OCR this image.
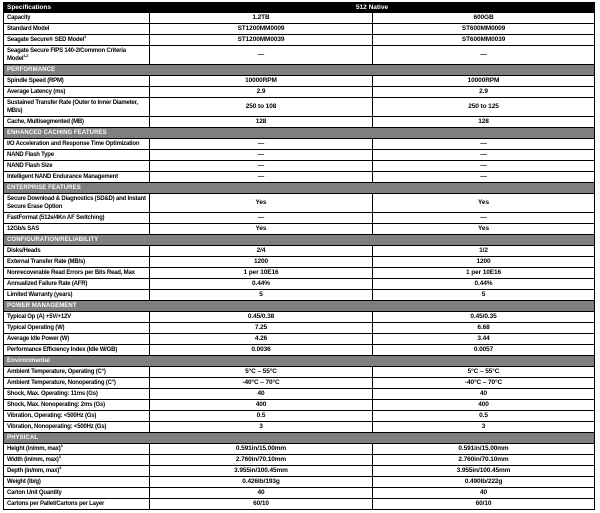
Specifications	512 Native	
Capacity	1.2TB	600GB
Standard Model	ST1200MM0009	ST600MM0009
Seagate Secure® SED Model$^1$	ST1200MM0039	ST600MM0039
Seagate Secure FIPS 140-2/Common Criteria
Model$^{1,2}$	—	—
PERFORMANCE		
Spindle Speed (RPM)	10000RPM	10000RPM
Average Latency (ms)	2.9	2.9
Sustained Transfer Rate (Outer to Inner Diameter,
MB/s)	250 to 108	250 to 125
Cache, Multisegmented (MB)	128	128
ENHANCED CACHING FEATURES		
I/O Acceleration and Response Time Optimization	—	—
NAND Flash Type	—	—
NAND Flash Size	—	—
Intelligent NAND Endurance Management	—	—
ENTERPRISE FEATURES		
Secure Download & Diagnostics (SD&D) and Instant
Secure Erase Option	Yes	Yes
FastFormat (512e/4Kn AF Switching)	—	—
12Gb/s SAS	Yes	Yes
CONFIGURATION/RELIABILITY		
Disks/Heads	2/4	1/2
External Transfer Rate (MB/s)	1200	1200
Nonrecoverable Read Errors per Bits Read, Max	1 per 10E16	1 per 10E16
Annualized Failure Rate (AFR)	0.44%	0.44%
Limited Warranty (years)	5	5
POWER MANAGEMENT		
Typical Op (A) +5V/+12V	0.45/0.38	0.45/0.35
Typical Operating (W)	7.25	6.68
Average Idle Power (W)	4.26	3.44
Performance Efficiency Index (Idle W/GB)	0.0036	0.0057
Environmental		
Ambient Temperature, Operating (C°)	5°C – 55°C	5°C – 55°C
Ambient Temperature, Nonoperating (C°)	-40°C – 70°C	-40°C – 70°C
Shock, Max. Operating: 11ms (Gs)	40	40
Shock, Max. Nonoperating: 2ms (Gs)	400	400
Vibration, Operating: <500Hz (Gs)	0.5	0.5
Vibration, Nonoperating: <500Hz (Gs)	3	3
PHYSICAL		
Height (in/mm, max)$^3$	0.591in/15.00mm	0.591in/15.00mm
Width (in/mm, max)$^3$	2.760in/70.10mm	2.760in/70.10mm
Depth (in/mm, max)$^3$	3.955in/100.45mm	3.955in/100.45mm
Weight (lb/g)	0.426lb/193g	0.490lb/222g
Carton Unit Quantity	40	40
Cartons per Pallet/Cartons per Layer	60/10	60/10
